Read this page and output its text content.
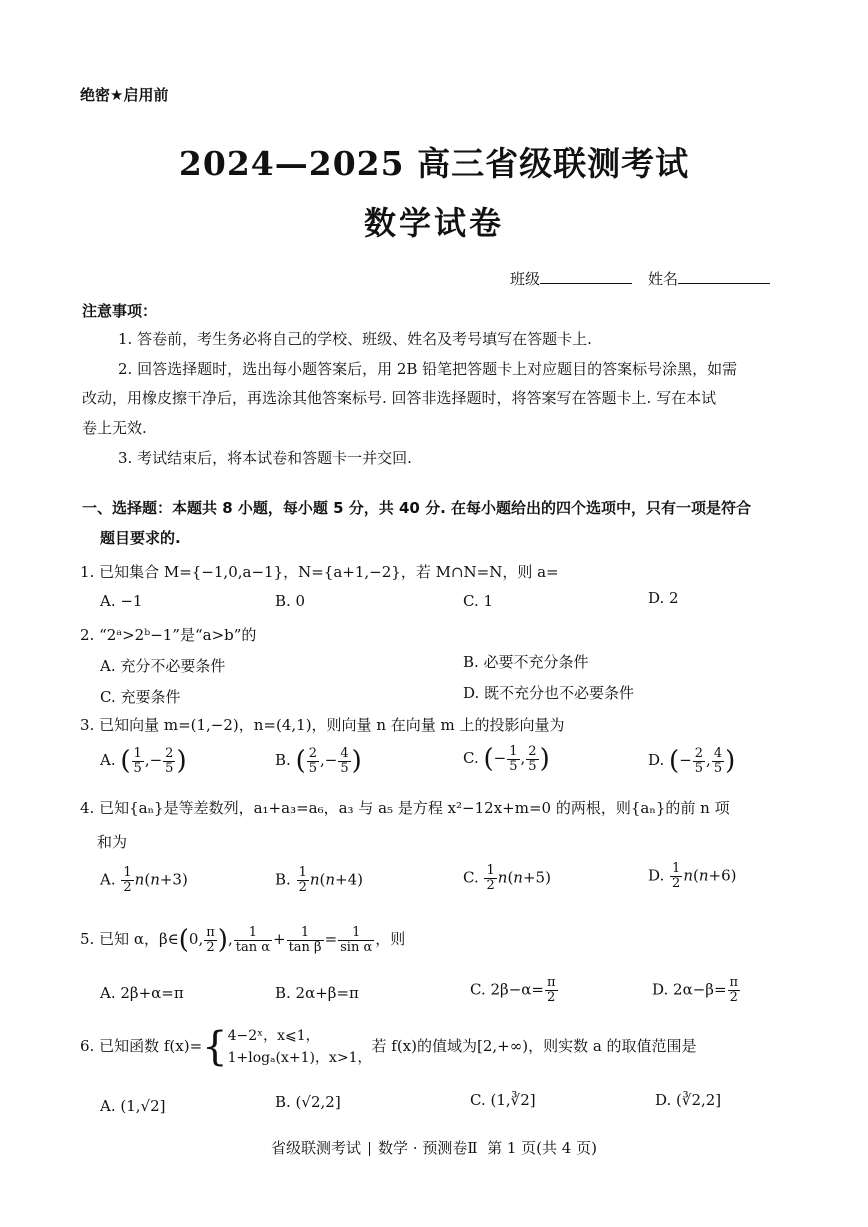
绝密★启用前
2024—2025 高三省级联测考试
数学试卷
班级	姓名
注意事项：
1. 答卷前，考生务必将自己的学校、班级、姓名及考号填写在答题卡上.
2. 回答选择题时，选出每小题答案后，用 2B 铅笔把答题卡上对应题目的答案标号涂黑，如需
改动，用橡皮擦干净后，再选涂其他答案标号. 回答非选择题时，将答案写在答题卡上. 写在本试
卷上无效.
3. 考试结束后，将本试卷和答题卡一并交回.
一、选择题：本题共 8 小题，每小题 5 分，共 40 分. 在每小题给出的四个选项中，只有一项是符合
题目要求的.
1. 已知集合 M={−1,0,a−1}，N={a+1,−2}，若 M∩N=N，则 a=
A. −1	B. 0	C. 1	D. 2
2. “2ᵃ>2ᵇ−1”是“a>b”的
A. 充分不必要条件	B. 必要不充分条件
C. 充要条件	D. 既不充分也不必要条件
3. 已知向量 m=(1,−2)，n=(4,1)，则向量 n 在向量 m 上的投影向量为
A. ( $\frac{1}{5}$ ,− $\frac{2}{5}$ )	B. ( $\frac{2}{5}$ ,− $\frac{4}{5}$ )	C. (− $\frac{1}{5}$ , $\frac{2}{5}$ )	D. (− $\frac{2}{5}$ , $\frac{4}{5}$ )
4. 已知{aₙ}是等差数列，a₁+a₃=a₆，a₃ 与 a₅ 是方程 x²−12x+m=0 的两根，则{aₙ}的前 n 项
和为
A. $\frac{1}{2} n(n+3)$	B. $\frac{1}{2} n(n+4)$	C. $\frac{1}{2} n(n+5)$	D. $\frac{1}{2} n(n+6)$
5. 已知 α，β∈(0, $\frac{\pi}{2}$ ), $\frac{1}{\text{tan α}} + \frac{1}{\text{tan β}} = \frac{1}{\text{sin α}}$ ，则
A. 2β+α=π	B. 2α+β=π	C. $2\beta-\alpha= \frac{\pi}{2}$	D. $2\alpha-\beta= \frac{\pi}{2}$
6. 已知函数 f(x)={ 4−2ˣ，x⩽1，
1+logₐ(x+1)，x>1，
若 f(x)的值域为[2,+∞)，则实数 a 的取值范围是
A. (1,√2]	B. (√2,2]	C. (1,∛2]	D. (∛2,2]
省级联测考试 数学 · 预测卷Ⅱ 第 1 页(共 4 页)
